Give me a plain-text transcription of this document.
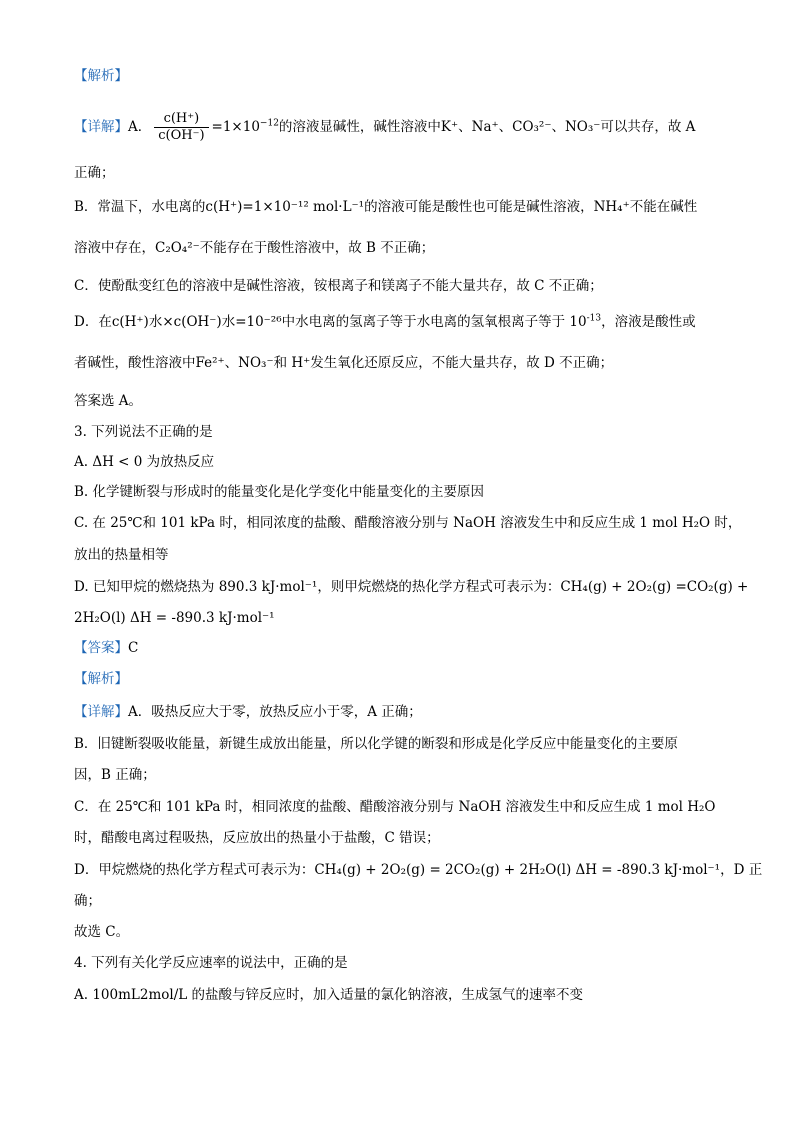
【解析】
【详解】A． $\frac{c(H^+)}{c(OH^-)} =1\times 10^{-12}$的溶液显碱性，碱性溶液中K⁺、Na⁺、CO₃²⁻、NO₃⁻可以共存，故 A
正确；
B．常温下，水电离的c(H⁺)=1×10⁻¹² mol·L⁻¹的溶液可能是酸性也可能是碱性溶液，NH₄⁺不能在碱性
溶液中存在，C₂O₄²⁻不能存在于酸性溶液中，故 B 不正确；
C．使酚酞变红色的溶液中是碱性溶液，铵根离子和镁离子不能大量共存，故 C 不正确；
D．在c(H⁺)水×c(OH⁻)水=10⁻²⁶中水电离的氢离子等于水电离的氢氧根离子等于 $10^{-13}$，溶液是酸性或
者碱性，酸性溶液中Fe²⁺、NO₃⁻和 H⁺发生氧化还原反应，不能大量共存，故 D 不正确；
答案选 A。
3. 下列说法不正确的是
A. ΔH < 0 为放热反应
B. 化学键断裂与形成时的能量变化是化学变化中能量变化的主要原因
C. 在 25℃和 101 kPa 时，相同浓度的盐酸、醋酸溶液分别与 NaOH 溶液发生中和反应生成 1 mol H₂O 时，
放出的热量相等
D. 已知甲烷的燃烧热为 890.3 kJ·mol⁻¹，则甲烷燃烧的热化学方程式可表示为：CH₄(g) + 2O₂(g) =CO₂(g) +
2H₂O(l) ΔH = -890.3 kJ·mol⁻¹
【答案】C
【解析】
【详解】A．吸热反应大于零，放热反应小于零，A 正确；
B．旧键断裂吸收能量，新键生成放出能量，所以化学键的断裂和形成是化学反应中能量变化的主要原
因，B 正确；
C．在 25℃和 101 kPa 时，相同浓度的盐酸、醋酸溶液分别与 NaOH 溶液发生中和反应生成 1 mol H₂O
时，醋酸电离过程吸热，反应放出的热量小于盐酸，C 错误；
D．甲烷燃烧的热化学方程式可表示为：CH₄(g) + 2O₂(g) = 2CO₂(g) + 2H₂O(l) ΔH = -890.3 kJ·mol⁻¹，D 正
确；
故选 C。
4. 下列有关化学反应速率的说法中，正确的是
A. 100mL2mol/L 的盐酸与锌反应时，加入适量的氯化钠溶液，生成氢气的速率不变
